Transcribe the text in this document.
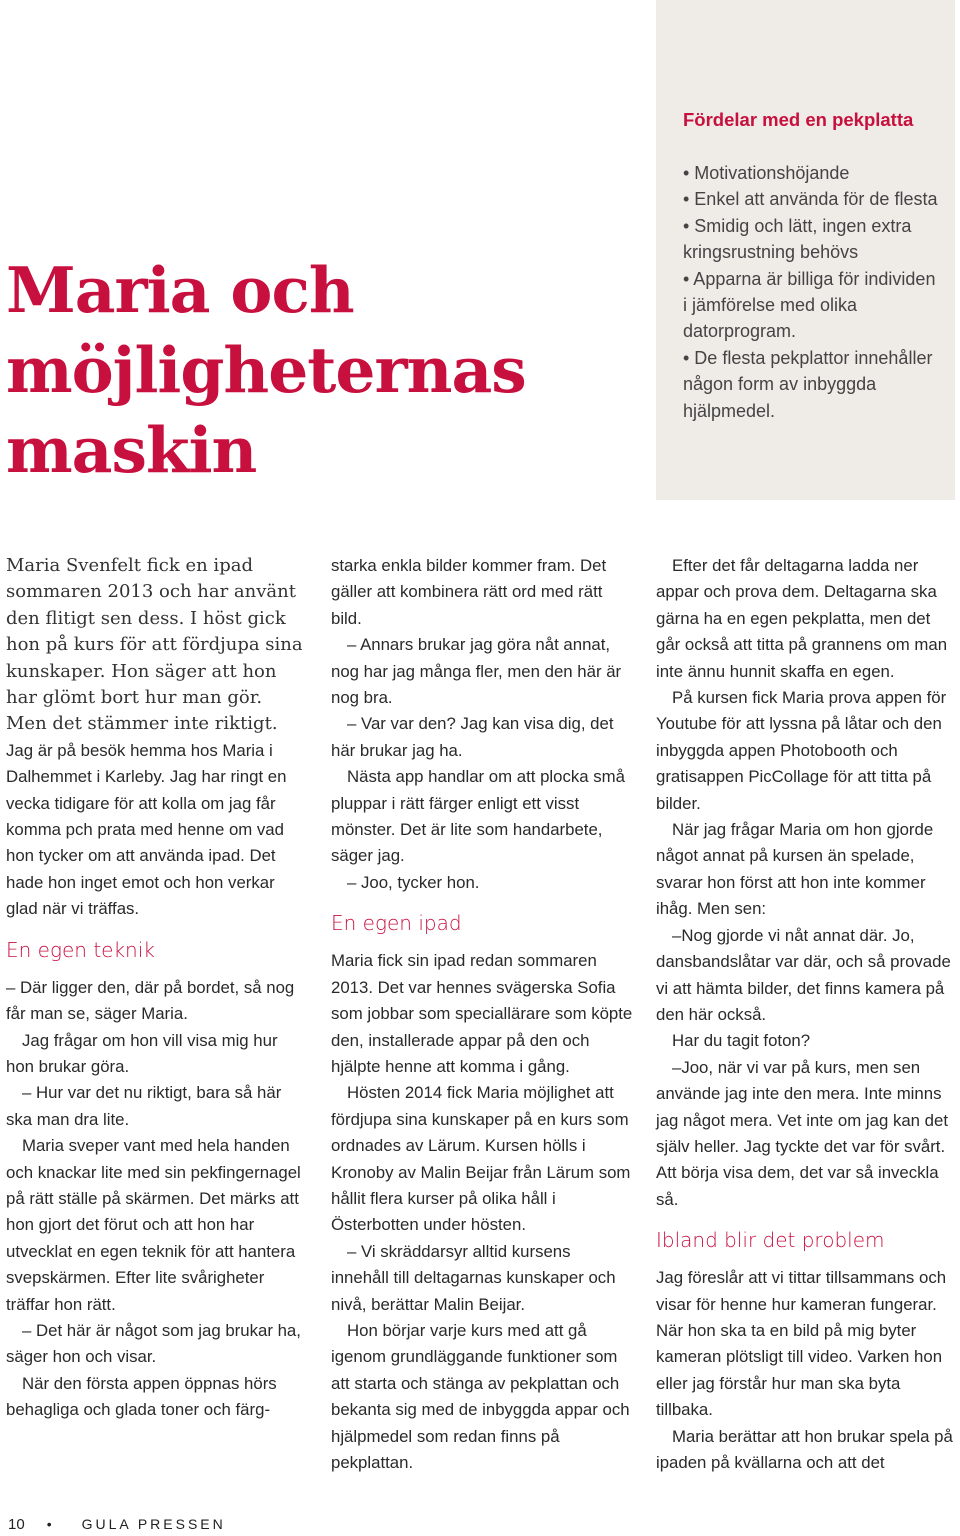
Maria och
möjligheternas
maskin
Fördelar med en pekplatta
• Motivationshöjande
• Enkel att använda för de flesta
• Smidig och lätt, ingen extra kringsrustning behövs
• Apparna är billiga för individen i jämförelse med olika datorprogram.
• De flesta pekplattor innehåller någon form av inbyggda hjälpmedel.

Maria Svenfelt fick en ipad sommaren 2013 och har använt den flitigt sen dess. I höst gick hon på kurs för att fördjupa sina kunskaper. Hon säger att hon har glömt bort hur man gör. Men det stämmer inte riktigt.

Jag är på besök hemma hos Maria i Dalhemmet i Karleby. Jag har ringt en vecka tidigare för att kolla om jag får komma pch prata med henne om vad hon tycker om att använda ipad. Det hade hon inget emot och hon verkar glad när vi träffas.

En egen teknik

– Där ligger den, där på bordet, så nog får man se, säger Maria.

Jag frågar om hon vill visa mig hur hon brukar göra.

– Hur var det nu riktigt, bara så här ska man dra lite.

Maria sveper vant med hela handen och knackar lite med sin pekfingernagel på rätt ställe på skärmen. Det märks att hon gjort det förut och att hon har utvecklat en egen teknik för att hantera svepskärmen. Efter lite svårigheter träffar hon rätt.

– Det här är något som jag brukar ha, säger hon och visar.

När den första appen öppnas hörs behagliga och glada toner och färg-

starka enkla bilder kommer fram. Det gäller att kombinera rätt ord med rätt bild.

– Annars brukar jag göra nåt annat, nog har jag många fler, men den här är nog bra.

– Var var den? Jag kan visa dig, det här brukar jag ha.

Nästa app handlar om att plocka små pluppar i rätt färger enligt ett visst mönster. Det är lite som handarbete, säger jag.

– Joo, tycker hon.

En egen ipad

Maria fick sin ipad redan sommaren 2013. Det var hennes svägerska Sofia som jobbar som speciallärare som köpte den, installerade appar på den och hjälpte henne att komma i gång.

Hösten 2014 fick Maria möjlighet att fördjupa sina kunskaper på en kurs som ordnades av Lärum. Kursen hölls i Kronoby av Malin Beijar från Lärum som hållit flera kurser på olika håll i Österbotten under hösten.

– Vi skräddarsyr alltid kursens innehåll till deltagarnas kunskaper och nivå, berättar Malin Beijar.

Hon börjar varje kurs med att gå igenom grundläggande funktioner som att starta och stänga av pekplattan och bekanta sig med de inbyggda appar och hjälpmedel som redan finns på pekplattan.

Efter det får deltagarna ladda ner appar och prova dem. Deltagarna ska gärna ha en egen pekplatta, men det går också att titta på grannens om man inte ännu hunnit skaffa en egen.

På kursen fick Maria prova appen för Youtube för att lyssna på låtar och den inbyggda appen Photobooth och gratisappen PicCollage för att titta på bilder.

När jag frågar Maria om hon gjorde något annat på kursen än spelade, svarar hon först att hon inte kommer ihåg. Men sen:

–Nog gjorde vi nåt annat där. Jo, dansbandslåtar var där, och så provade vi att hämta bilder, det finns kamera på den här också.

Har du tagit foton?

–Joo, när vi var på kurs, men sen använde jag inte den mera. Inte minns jag något mera. Vet inte om jag kan det själv heller. Jag tyckte det var för svårt. Att börja visa dem, det var så inveckla så.

Ibland blir det problem

Jag föreslår att vi tittar tillsammans och visar för henne hur kameran fungerar. När hon ska ta en bild på mig byter kameran plötsligt till video. Varken hon eller jag förstår hur man ska byta tillbaka.

Maria berättar att hon brukar spela på ipaden på kvällarna och att det

10 • GULA PRESSEN
